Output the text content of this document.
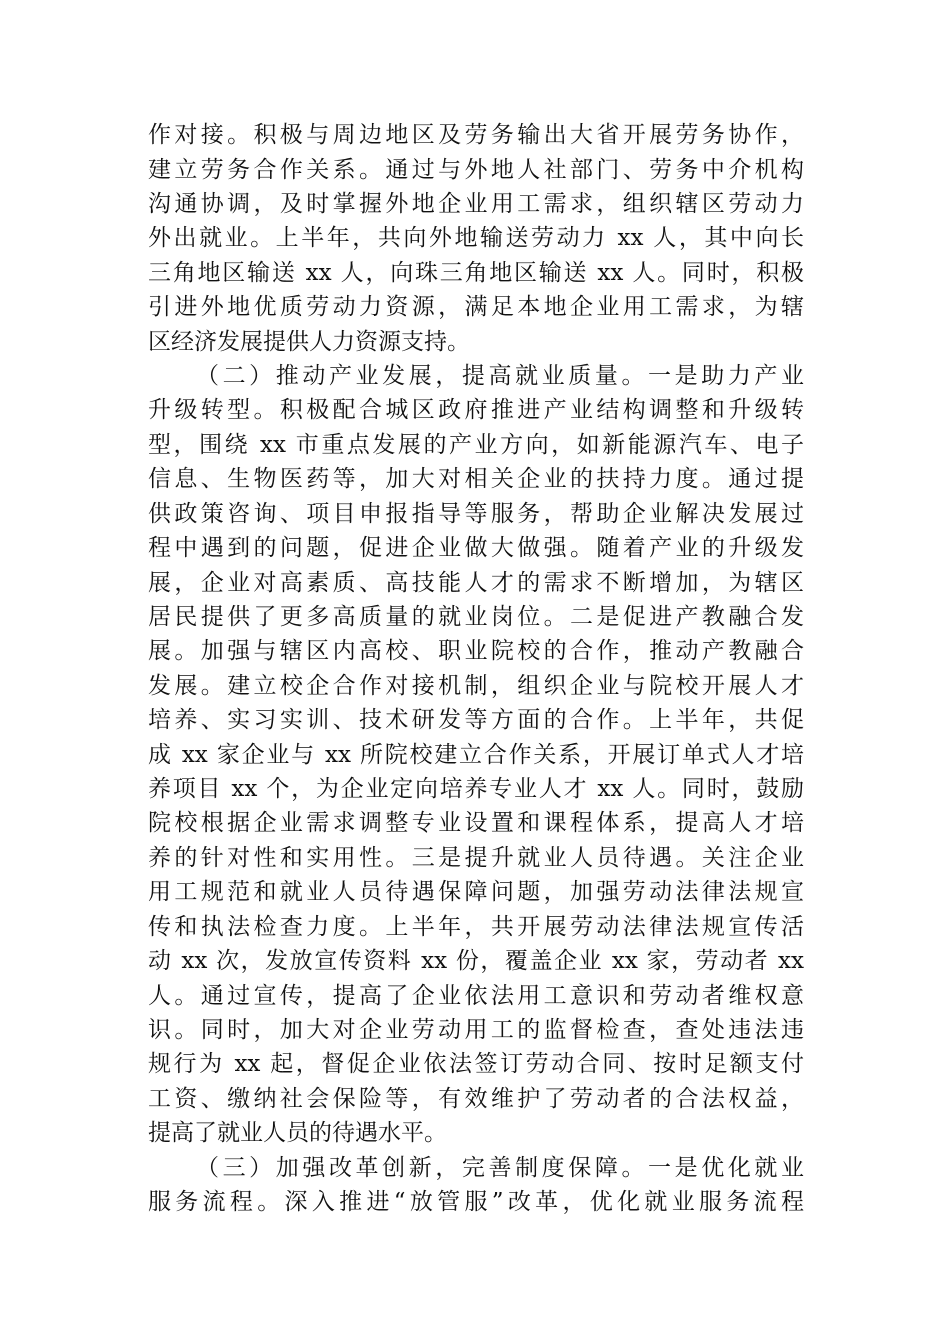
作对接。积极与周边地区及劳务输出大省开展劳务协作，
建立劳务合作关系。通过与外地人社部门、劳务中介机构
沟通协调，及时掌握外地企业用工需求，组织辖区劳动力
外出就业。上半年，共向外地输送劳动力 xx 人，其中向长
三角地区输送 xx 人，向珠三角地区输送 xx 人。同时，积极
引进外地优质劳动力资源，满足本地企业用工需求，为辖
区经济发展提供人力资源支持。
（二）推动产业发展，提高就业质量。一是助力产业
升级转型。积极配合城区政府推进产业结构调整和升级转
型，围绕 xx 市重点发展的产业方向，如新能源汽车、电子
信息、生物医药等，加大对相关企业的扶持力度。通过提
供政策咨询、项目申报指导等服务，帮助企业解决发展过
程中遇到的问题，促进企业做大做强。随着产业的升级发
展，企业对高素质、高技能人才的需求不断增加，为辖区
居民提供了更多高质量的就业岗位。二是促进产教融合发
展。加强与辖区内高校、职业院校的合作，推动产教融合
发展。建立校企合作对接机制，组织企业与院校开展人才
培养、实习实训、技术研发等方面的合作。上半年，共促
成 xx 家企业与 xx 所院校建立合作关系，开展订单式人才培
养项目 xx 个，为企业定向培养专业人才 xx 人。同时，鼓励
院校根据企业需求调整专业设置和课程体系，提高人才培
养的针对性和实用性。三是提升就业人员待遇。关注企业
用工规范和就业人员待遇保障问题，加强劳动法律法规宣
传和执法检查力度。上半年，共开展劳动法律法规宣传活
动 xx 次，发放宣传资料 xx 份，覆盖企业 xx 家，劳动者 xx
人。通过宣传，提高了企业依法用工意识和劳动者维权意
识。同时，加大对企业劳动用工的监督检查，查处违法违
规行为 xx 起，督促企业依法签订劳动合同、按时足额支付
工资、缴纳社会保险等，有效维护了劳动者的合法权益，
提高了就业人员的待遇水平。
（三）加强改革创新，完善制度保障。一是优化就业
服务流程。深入推进“放管服”改革，优化就业服务流程
